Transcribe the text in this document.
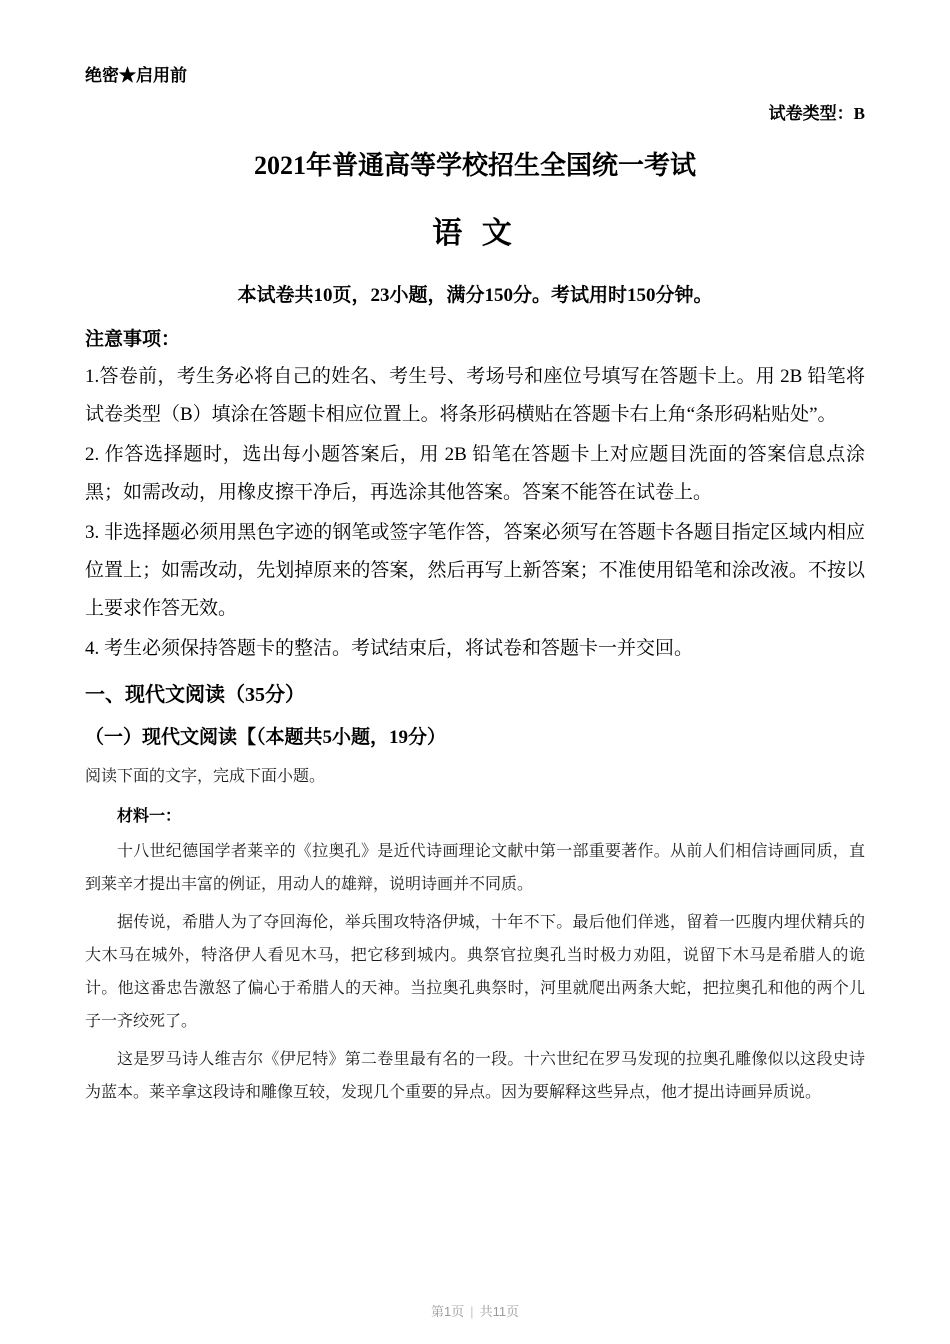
绝密★启用前
试卷类型：B
2021年普通高等学校招生全国统一考试
语 文

本试卷共10页，23小题，满分150分。考试用时150分钟。

注意事项：

1.答卷前，考生务必将自己的姓名、考生号、考场号和座位号填写在答题卡上。用 2B 铅笔将试卷类型（B）填涂在答题卡相应位置上。将条形码横贴在答题卡右上角“条形码粘贴处”。

2. 作答选择题时，选出每小题答案后，用 2B 铅笔在答题卡上对应题目洗面的答案信息点涂黑；如需改动，用橡皮擦干净后，再选涂其他答案。答案不能答在试卷上。

3. 非选择题必须用黑色字迹的钢笔或签字笔作答，答案必须写在答题卡各题目指定区域内相应位置上；如需改动，先划掉原来的答案，然后再写上新答案；不准使用铅笔和涂改液。不按以上要求作答无效。

4. 考生必须保持答题卡的整洁。考试结束后，将试卷和答题卡一并交回。

一、现代文阅读（35分）

（一）现代文阅读【（本题共5小题，19分）

阅读下面的文字，完成下面小题。

材料一：

十八世纪德国学者莱辛的《拉奥孔》是近代诗画理论文献中第一部重要著作。从前人们相信诗画同质，直到莱辛才提出丰富的例证，用动人的雄辩，说明诗画并不同质。

据传说，希腊人为了夺回海伦，举兵围攻特洛伊城，十年不下。最后他们佯逃，留着一匹腹内埋伏精兵的大木马在城外，特洛伊人看见木马，把它移到城内。典祭官拉奥孔当时极力劝阻，说留下木马是希腊人的诡计。他这番忠告激怒了偏心于希腊人的天神。当拉奥孔典祭时，河里就爬出两条大蛇，把拉奥孔和他的两个儿子一齐绞死了。

这是罗马诗人维吉尔《伊尼特》第二卷里最有名的一段。十六世纪在罗马发现的拉奥孔雕像似以这段史诗为蓝本。莱辛拿这段诗和雕像互较，发现几个重要的异点。因为要解释这些异点，他才提出诗画异质说。

第1页 | 共11页
